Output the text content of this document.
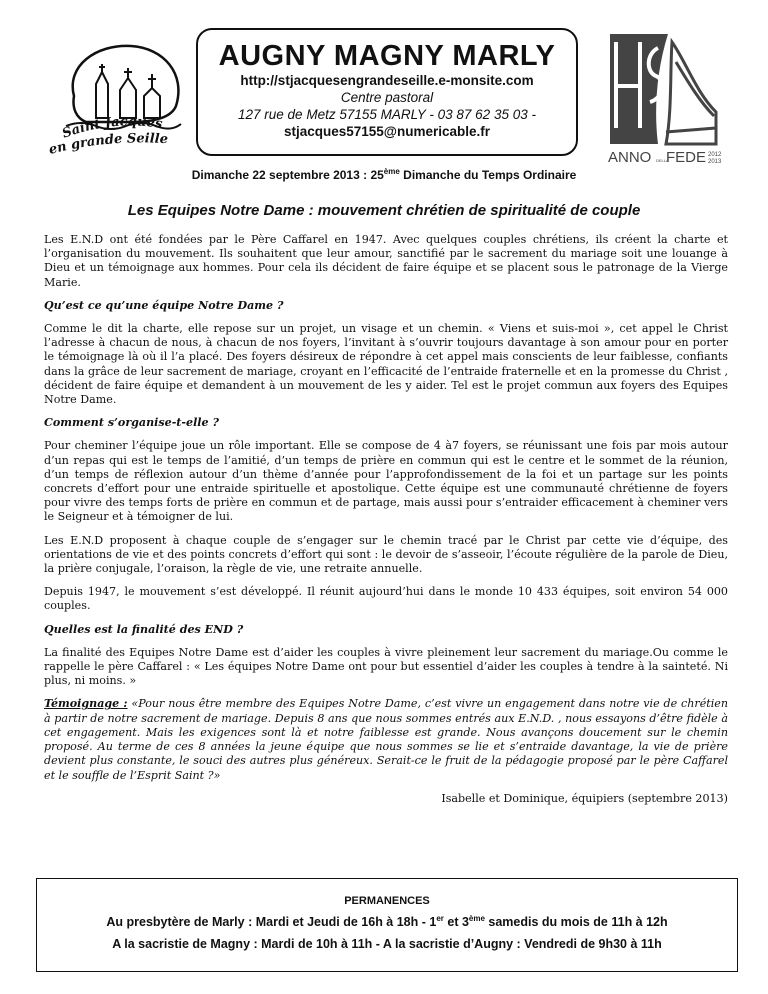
Saint Jacques
en grande Seille
AUGNY MAGNY MARLY
http://stjacquesengrandeseille.e-monsite.com
Centre pastoral
127 rue de Metz 57155 MARLY - 03 87 62 35 03 -
stjacques57155@numericable.fr
ANNO DELLA
FEDE 2012
2013
Dimanche 22 septembre 2013 : 25ème Dimanche du Temps Ordinaire
Les Equipes Notre Dame : mouvement chrétien de spiritualité de couple

Les E.N.D ont été fondées par le Père Caffarel en 1947. Avec quelques couples chrétiens, ils créent la charte et l’organisation du mouvement. Ils souhaitent que leur amour, sanctifié par le sacrement du mariage soit une louange à Dieu et un témoignage aux hommes. Pour cela ils décident de faire équipe et se placent sous le patronage de la Vierge Marie.

Qu’est ce qu’une équipe Notre Dame ?

Comme le dit la charte, elle repose sur un projet, un visage et un chemin. « Viens et suis-moi », cet appel le Christ l’adresse à chacun de nous, à chacun de nos foyers, l’invitant à s’ouvrir toujours davantage à son amour pour en porter le témoignage là où il l’a placé. Des foyers désireux de répondre à cet appel mais conscients de leur faiblesse, confiants dans la grâce de leur sacrement de mariage, croyant en l’efficacité de l’entraide fraternelle et en la promesse du Christ , décident de faire équipe et demandent à un mouvement de les y aider. Tel est le projet commun aux foyers des Equipes Notre Dame.

Comment s’organise-t-elle ?

Pour cheminer l’équipe joue un rôle important. Elle se compose de 4 à7 foyers, se réunissant une fois par mois autour d’un repas qui est le temps de l’amitié, d’un temps de prière en commun qui est le centre et le sommet de la réunion, d’un temps de réflexion autour d’un thème d’année pour l’approfondissement de la foi et un partage sur les points concrets d’effort pour une entraide spirituelle et apostolique. Cette équipe est une communauté chrétienne de foyers pour vivre des temps forts de prière en commun et de partage, mais aussi pour s’entraider efficacement à cheminer vers le Seigneur et à témoigner de lui.

Les E.N.D proposent à chaque couple de s’engager sur le chemin tracé par le Christ par cette vie d’équipe, des orientations de vie et des points concrets d’effort qui sont : le devoir de s’asseoir, l’écoute régulière de la parole de Dieu, la prière conjugale, l’oraison, la règle de vie, une retraite annuelle.

Depuis 1947, le mouvement s’est développé. Il réunit aujourd’hui dans le monde 10 433 équipes, soit environ 54 000 couples.

Quelles est la finalité des END ?

La finalité des Equipes Notre Dame est d’aider les couples à vivre pleinement leur sacrement du mariage.Ou comme le rappelle le père Caffarel : « Les équipes Notre Dame ont pour but essentiel d’aider les couples à tendre à la sainteté. Ni plus, ni moins. »

Témoignage : «Pour nous être membre des Equipes Notre Dame, c’est vivre un engagement dans notre vie de chrétien à partir de notre sacrement de mariage. Depuis 8 ans que nous sommes entrés aux E.N.D. , nous essayons d’être fidèle à cet engagement. Mais les exigences sont là et notre faiblesse est grande. Nous avançons doucement sur le chemin proposé. Au terme de ces 8 années la jeune équipe que nous sommes se lie et s’entraide davantage, la vie de prière devient plus constante, le souci des autres plus généreux. Serait-ce le fruit de la pédagogie proposé par le père Caffarel et le souffle de l’Esprit Saint ?»

Isabelle et Dominique, équipiers (septembre 2013)
PERMANENCES
Au presbytère de Marly : Mardi et Jeudi de 16h à 18h - 1er et 3ème samedis du mois de 11h à 12h
A la sacristie de Magny : Mardi de 10h à 11h - A la sacristie d’Augny : Vendredi de 9h30 à 11h
